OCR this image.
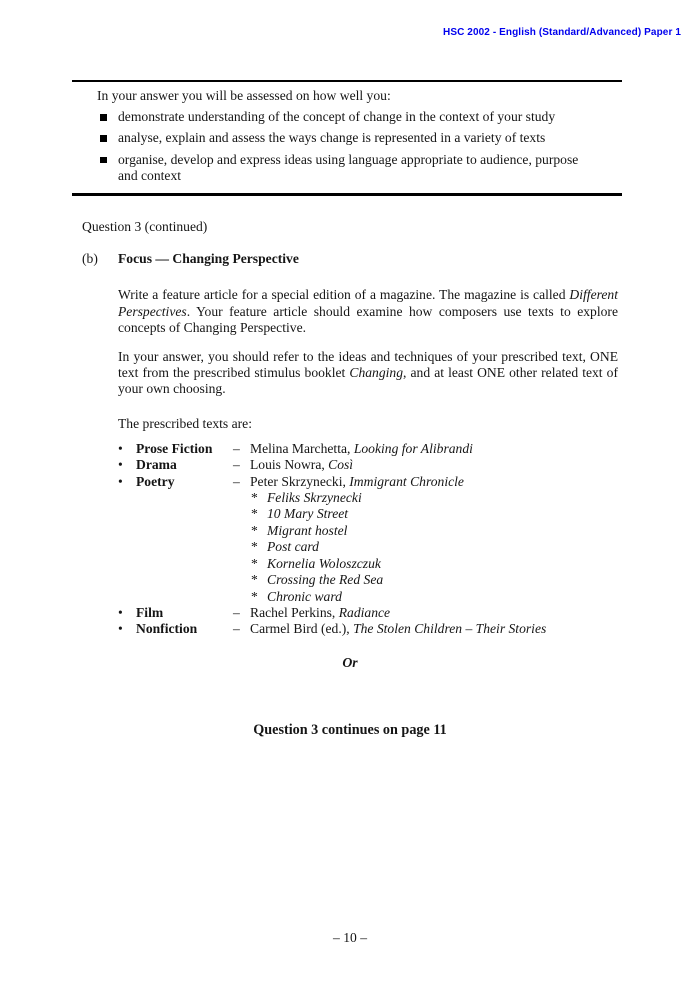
HSC 2002 - English (Standard/Advanced) Paper 1
In your answer you will be assessed on how well you:
demonstrate understanding of the concept of change in the context of your study
analyse, explain and assess the ways change is represented in a variety of texts
organise, develop and express ideas using language appropriate to audience, purpose and context
Question 3 (continued)
(b)	Focus — Changing Perspective
Write a feature article for a special edition of a magazine. The magazine is called Different Perspectives. Your feature article should examine how composers use texts to explore concepts of Changing Perspective.
In your answer, you should refer to the ideas and techniques of your prescribed text, ONE text from the prescribed stimulus booklet Changing, and at least ONE other related text of your own choosing.
The prescribed texts are:
• Prose Fiction	– Melina Marchetta, Looking for Alibrandi
• Drama	– Louis Nowra, Così
• Poetry	– Peter Skrzynecki, Immigrant Chronicle
* Feliks Skrzynecki
* 10 Mary Street
* Migrant hostel
* Post card
* Kornelia Woloszczuk
* Crossing the Red Sea
* Chronic ward
• Film	– Rachel Perkins, Radiance
• Nonfiction	– Carmel Bird (ed.), The Stolen Children – Their Stories
Or
Question 3 continues on page 11
– 10 –
